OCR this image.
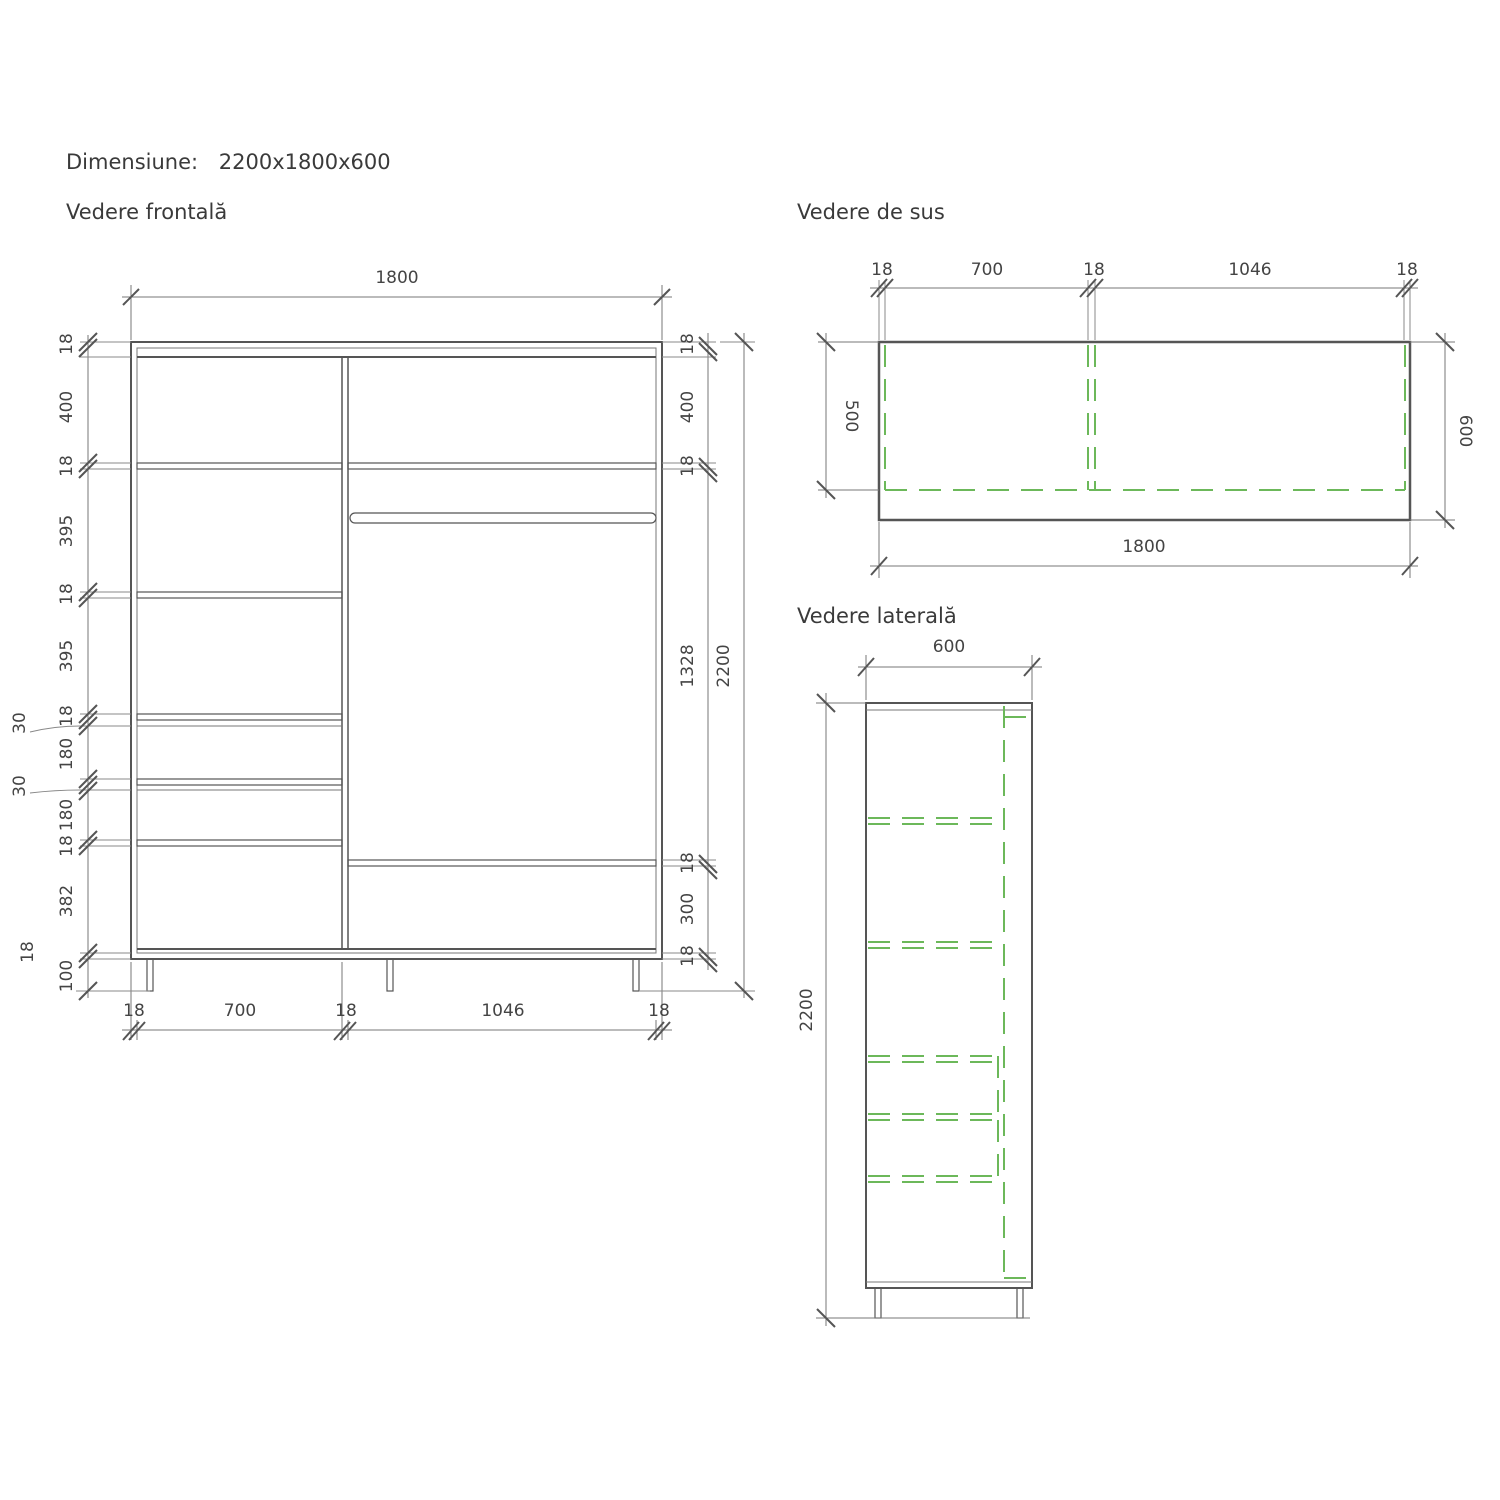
Dimensiune: 2200x1800x600
Vedere frontală	Vedere de sus
Vedere laterală
1800
18	700	18	1046	18
18
400
18
395
18
395
18
180
180
18
382
18
100
30
30
18
400
18
1328
18
300
18
2200
18	700	18	1046	18
500	600
1800
600
2200
